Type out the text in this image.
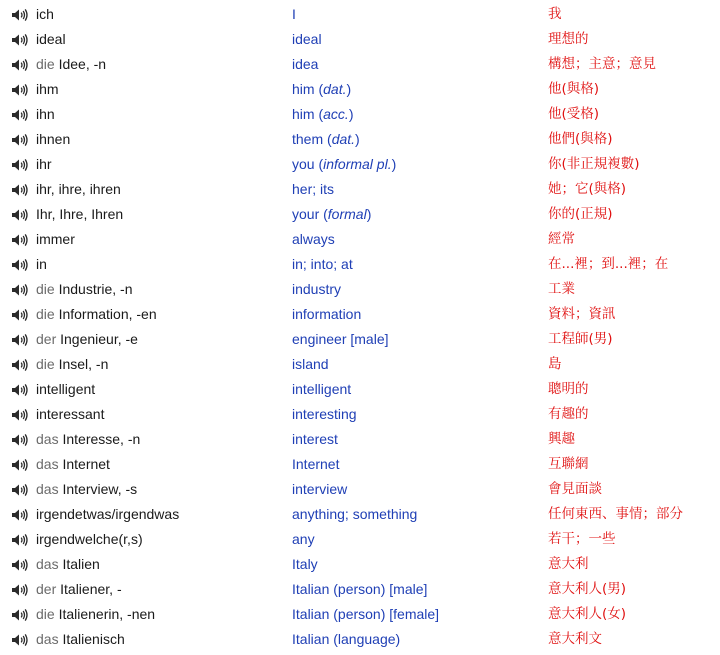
ich	I	我
ideal	ideal	理想的
die Idee, -n	idea	構想；主意；意見
ihm	him (dat.)	他(與格)
ihn	him (acc.)	他(受格)
ihnen	them (dat.)	他們(與格)
ihr	you (informal pl.)	你(非正規複數)
ihr, ihre, ihren	her; its	她；它(與格)
Ihr, Ihre, Ihren	your (formal)	你的(正規)
immer	always	經常
in	in; into; at	在...裡；到...裡；在
die Industrie, -n	industry	工業
die Information, -en	information	資料；資訊
der Ingenieur, -e	engineer [male]	工程師(男)
die Insel, -n	island	島
intelligent	intelligent	聰明的
interessant	interesting	有趣的
das Interesse, -n	interest	興趣
das Internet	Internet	互聯網
das Interview, -s	interview	會見面談
irgendetwas/irgendwas	anything; something	任何東西、事情；部分
irgendwelche(r,s)	any	若干；一些
das Italien	Italy	意大利
der Italiener, -	Italian (person) [male]	意大利人(男)
die Italienerin, -nen	Italian (person) [female]	意大利人(女)
das Italienisch	Italian (language)	意大利文
